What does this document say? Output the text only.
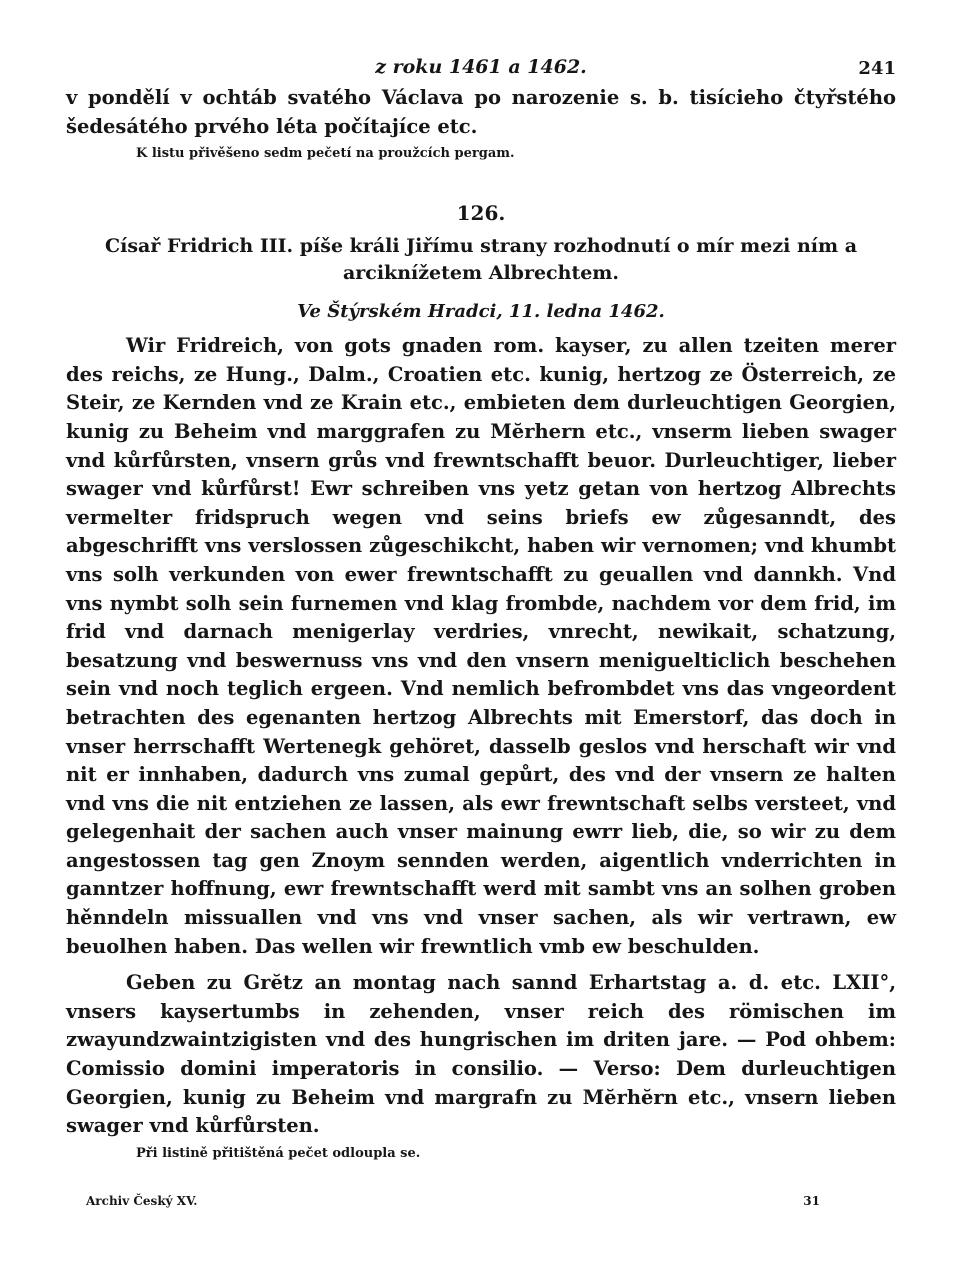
z roku 1461 a 1462.	241

v pondělí v ochtáb svatého Václava po narozenie s. b. tisícieho čtyřstého šedesátého prvého léta počítajíce etc.

K listu přivěšeno sedm pečetí na proužcích pergam.

126.

Císař Fridrich III. píše králi Jiřímu strany rozhodnutí o mír mezi ním a arciknížetem Albrechtem.

Ve Štýrském Hradci, 11. ledna 1462.

Wir Fridreich, von gots gnaden rom. kayser, zu allen tzeiten merer des reichs, ze Hung., Dalm., Croatien etc. kunig, hertzog ze Österreich, ze Steir, ze Kernden vnd ze Krain etc., embieten dem durleuchtigen Georgien, kunig zu Beheim vnd marggrafen zu Mĕrhern etc., vnserm lieben swager vnd kůrfůrsten, vnsern grůs vnd frewntschafft beuor. Durleuchtiger, lieber swager vnd kůrfůrst! Ewr schreiben vns yetz getan von hertzog Albrechts vermelter fridspruch wegen vnd seins briefs ew zůgesanndt, des abgeschrifft vns verslossen zůgeschikcht, haben wir vernomen; vnd khumbt vns solh verkunden von ewer frewntschafft zu geuallen vnd dannkh. Vnd vns nymbt solh sein furnemen vnd klag frombde, nachdem vor dem frid, im frid vnd darnach menigerlay verdries, vnrecht, newikait, schatzung, besatzung vnd beswernuss vns vnd den vnsern meniguelticlich beschehen sein vnd noch teglich ergeen. Vnd nemlich befrombdet vns das vngeordent betrachten des egenanten hertzog Albrechts mit Emerstorf, das doch in vnser herrschafft Wertenegk gehöret, dasselb geslos vnd herschaft wir vnd nit er innhaben, dadurch vns zumal gepůrt, des vnd der vnsern ze halten vnd vns die nit entziehen ze lassen, als ewr frewntschaft selbs versteet, vnd gelegenhait der sachen auch vnser mainung ewrr lieb, die, so wir zu dem angestossen tag gen Znoym sennden werden, aigentlich vnderrichten in ganntzer hoffnung, ewr frewntschafft werd mit sambt vns an solhen groben hěnndeln missuallen vnd vns vnd vnser sachen, als wir vertrawn, ew beuolhen haben. Das wellen wir frewntlich vmb ew beschulden.

Geben zu Grĕtz an montag nach sannd Erhartstag a. d. etc. LXII°, vnsers kaysertumbs in zehenden, vnser reich des römischen im zwayundzwaintzigisten vnd des hungrischen im driten jare. — Pod ohbem: Comissio domini imperatoris in consilio. — Verso: Dem durleuchtigen Georgien, kunig zu Beheim vnd margrafn zu Mĕrhĕrn etc., vnsern lieben swager vnd kůrfůrsten.

Při listině přitištěná pečet odloupla se.

Archiv Český XV.	31
